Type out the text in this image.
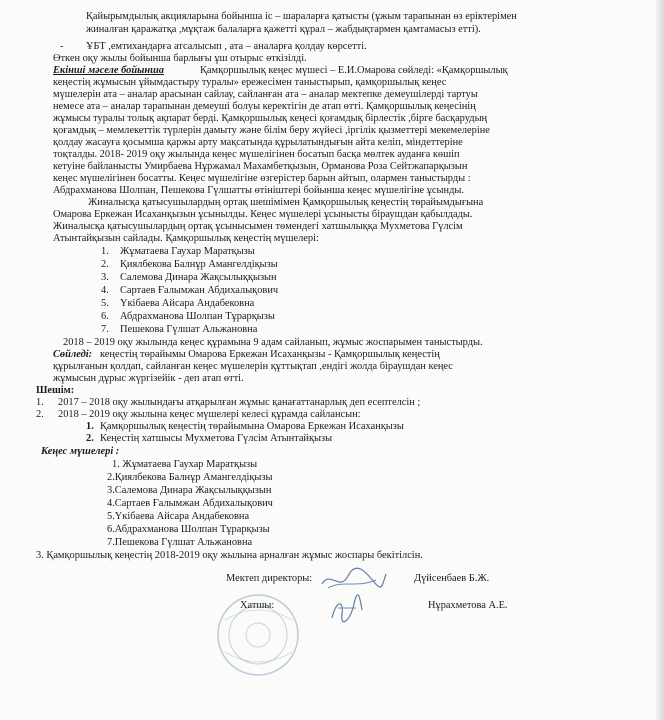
Қайырымдылық акцияларына бойынша іс – шараларға қатысты (ұжым тарапынан өз еріктерімен
жиналған қаражатқа ,мұқтаж балаларға қажетті құрал – жабдықтармен қамтамасыз етті).
- ҰБТ ,емтихандарға атсалысып , ата – аналарға қолдау көрсетті.
Өткен оқу жылы бойынша барлығы ұш отырыс өткізілді.
Екінші мәселе бойынша	Қамқоршылық кеңес мүшесі – Е.И.Омарова сөйледі: «Қамқоршылық
кеңестің жұмысын ұйымдастыру туралы» ережесімен таныстырып, қамқоршылық кеңес
мүшелерін ата – аналар арасынан сайлау, сайланған ата – аналар мектепке демеушілерді тартуы
немесе ата – аналар тарапынан демеуші болуы керектігін де атап өтті. Қамқоршылық кеңесінің
жұмысы туралы толық ақпарат берді. Қамқоршылық кеңесі қоғамдық бірлестік ,бірге басқарудың
қоғамдық – мемлекеттік түрлерін дамыту және білім беру жүйесі ,іргілік қызметтері мекемелеріне
қолдау жасауға қосымша қаржы арту мақсатында құрылатындығын айта келіп, міндеттеріне
тоқталды. 2018- 2019 оқу жылында кеңес мүшелігінен босатып басқа мөлтек ауданға көшіп
кетуіне байланысты Умирбаева Нұржамал Махамбетқызын, Орманова Роза Сейтжапарқызын
кеңес мүшелігінен босатты. Кеңес мүшелігіне өзгерістер барын айтып, олармен таныстырды :
Абдрахманова Шолпан, Пешекова Гүлшатты өтініштері бойынша кеңес мүшелігіне ұсынды.
Жиналысқа қатысушылардың ортақ шешімімен Қамқоршылық кеңестің төрайымдығына
Омарова Еркежан Исаханқызын ұсынылды. Кеңес мүшелері ұсынысты біраушдан қабылдады.
Жиналысқа қатысушылардың ортақ ұсынысымен төмендегі хатшылыққа Мухметова Гүлсім
Атынтайқызын сайлады. Қамқоршылық кеңестің мүшелері:
1. Жұматаева Гаухар Маратқызы
2. Қиялбекова Балнұр Амангелдіқызы
3. Салемова Динара Жақсылыққызын
4. Сартаев Ғалымжан Абдихалықович
5. Үкібаева Айсара Андабековна
6. Абдрахманова Шолпан Тұрарқызы
7. Пешекова Гүлшат Альжановна
2018 – 2019 оқу жылында кеңес құрамына 9 адам сайланып, жұмыс жоспарымен таныстырды.
Сөйледі: кеңестің төрайымы Омарова Еркежан Исаханқызы - Қамқоршылық кеңестің
құрылғанын қолдап, сайланған кеңес мүшелерін құттықтап ,ендігі жолда біраушдан кеңес
жұмысын дұрыс жүргізейік - деп атап өтті.
Шешім:
1. 2017 – 2018 оқу жылындағы атқарылған жұмыс қанағаттанарлық деп есептелсін ;
2. 2018 – 2019 оқу жылына кеңес мүшелері келесі құрамда сайлансын:
1. Қамқоршылық кеңестің төрайымына Омарова Еркежан Исаханқызы
2. Кеңестің хатшысы Мухметова Гүлсім Атынтайқызы
Кеңес мүшелері :
1. Жұматаева Гаухар Маратқызы
2.Қиялбекова Балнұр Амангелдіқызы
3.Салемова Динара Жақсылыққызын
4.Сартаев Ғалымжан Абдихалықович
5.Үкібаева Айсара Андабековна
6.Абдрахманова Шолпан Тұрарқызы
7.Пешекова Гүлшат Альжановна
3. Қамқоршылық кеңестің 2018-2019 оқу жылына арналған жұмыс жоспары бекітілсін.
Мектеп директоры:	Дүйсенбаев Б.Ж.
Хатшы:	Нұрахметова А.Е.
